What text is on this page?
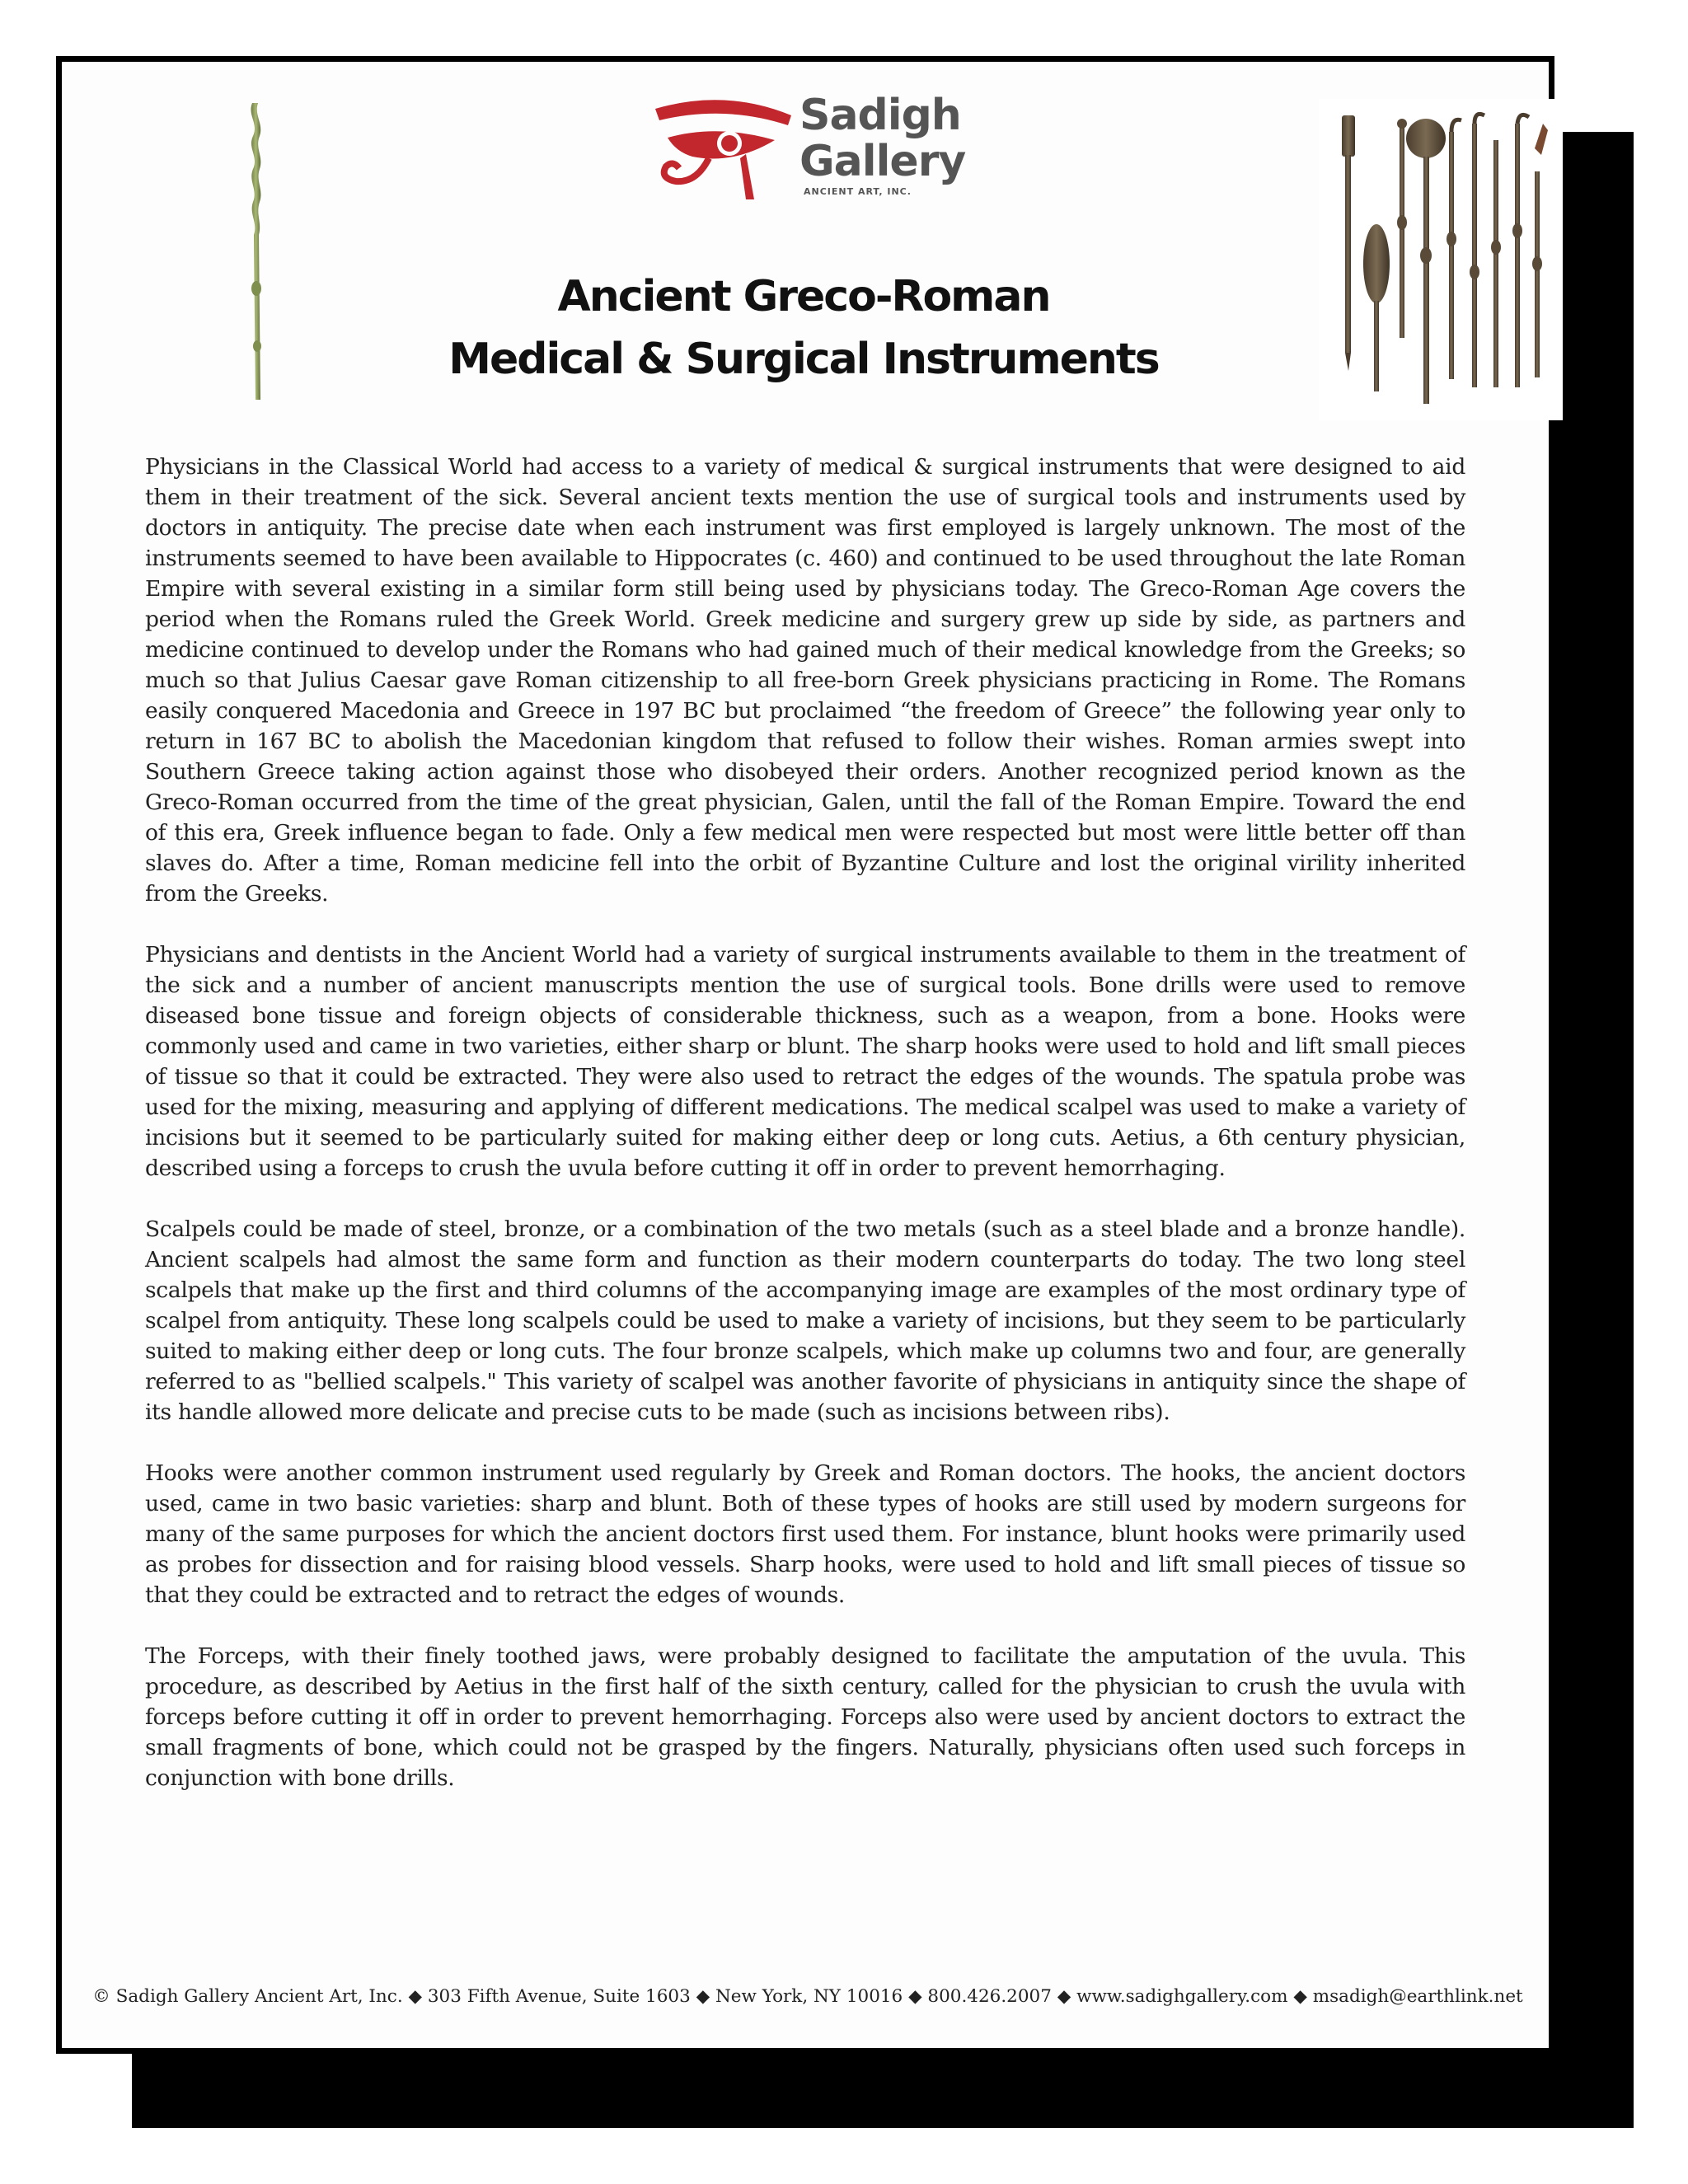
Sadigh
Gallery
ANCIENT ART, INC.
Ancient Greco-Roman
Medical & Surgical Instruments

Physicians in the Classical World had access to a variety of medical & surgical instruments that were designed to aid them in their treatment of the sick. Several ancient texts mention the use of surgical tools and instruments used by doctors in antiquity. The precise date when each instrument was first employed is largely unknown. The most of the instruments seemed to have been available to Hippocrates (c. 460) and continued to be used throughout the late Roman Empire with several existing in a similar form still being used by physicians today. The Greco-Roman Age covers the period when the Romans ruled the Greek World. Greek medicine and surgery grew up side by side, as partners and medicine continued to develop under the Romans who had gained much of their medical knowledge from the Greeks; so much so that Julius Caesar gave Roman citizenship to all free-born Greek physicians practicing in Rome. The Romans easily conquered Macedonia and Greece in 197 BC but proclaimed “the freedom of Greece” the following year only to return in 167 BC to abolish the Macedonian kingdom that refused to follow their wishes. Roman armies swept into Southern Greece taking action against those who disobeyed their orders. Another recognized period known as the Greco-Roman occurred from the time of the great physician, Galen, until the fall of the Roman Empire. Toward the end of this era, Greek influence began to fade. Only a few medical men were respected but most were little better off than slaves do. After a time, Roman medicine fell into the orbit of Byzantine Culture and lost the original virility inherited from the Greeks.

Physicians and dentists in the Ancient World had a variety of surgical instruments available to them in the treatment of the sick and a number of ancient manuscripts mention the use of surgical tools. Bone drills were used to remove diseased bone tissue and foreign objects of considerable thickness, such as a weapon, from a bone. Hooks were commonly used and came in two varieties, either sharp or blunt. The sharp hooks were used to hold and lift small pieces of tissue so that it could be extracted. They were also used to retract the edges of the wounds. The spatula probe was used for the mixing, measuring and applying of different medications. The medical scalpel was used to make a variety of incisions but it seemed to be particularly suited for making either deep or long cuts. Aetius, a 6th century physician, described using a forceps to crush the uvula before cutting it off in order to prevent hemorrhaging.

Scalpels could be made of steel, bronze, or a combination of the two metals (such as a steel blade and a bronze handle). Ancient scalpels had almost the same form and function as their modern counterparts do today. The two long steel scalpels that make up the first and third columns of the accompanying image are examples of the most ordinary type of scalpel from antiquity. These long scalpels could be used to make a variety of incisions, but they seem to be particularly suited to making either deep or long cuts. The four bronze scalpels, which make up columns two and four, are generally referred to as "bellied scalpels." This variety of scalpel was another favorite of physicians in antiquity since the shape of its handle allowed more delicate and precise cuts to be made (such as incisions between ribs).

Hooks were another common instrument used regularly by Greek and Roman doctors. The hooks, the ancient doctors used, came in two basic varieties: sharp and blunt. Both of these types of hooks are still used by modern surgeons for many of the same purposes for which the ancient doctors first used them. For instance, blunt hooks were primarily used as probes for dissection and for raising blood vessels. Sharp hooks, were used to hold and lift small pieces of tissue so that they could be extracted and to retract the edges of wounds.

The Forceps, with their finely toothed jaws, were probably designed to facilitate the amputation of the uvula. This procedure, as described by Aetius in the first half of the sixth century, called for the physician to crush the uvula with forceps before cutting it off in order to prevent hemorrhaging. Forceps also were used by ancient doctors to extract the small fragments of bone, which could not be grasped by the fingers. Naturally, physicians often used such forceps in conjunction with bone drills.

© Sadigh Gallery Ancient Art, Inc. ◆ 303 Fifth Avenue, Suite 1603 ◆ New York, NY 10016 ◆ 800.426.2007 ◆ www.sadighgallery.com ◆ msadigh@earthlink.net
